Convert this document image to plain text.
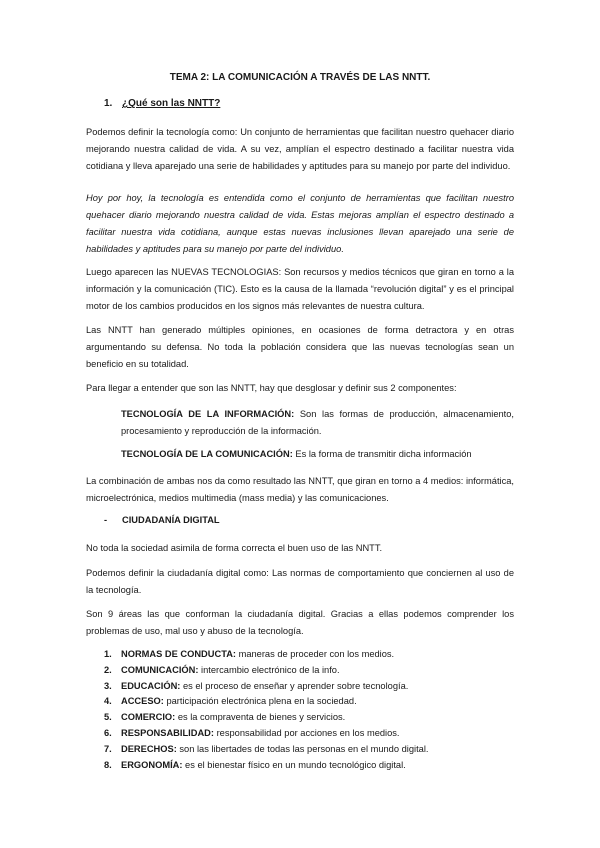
TEMA 2: LA COMUNICACIÓN A TRAVÉS DE LAS NNTT.
1. ¿Qué son las NNTT?

Podemos definir la tecnología como: Un conjunto de herramientas que facilitan nuestro quehacer diario mejorando nuestra calidad de vida. A su vez, amplían el espectro destinado a facilitar nuestra vida cotidiana y lleva aparejado una serie de habilidades y aptitudes para su manejo por parte del individuo.

Hoy por hoy, la tecnología es entendida como el conjunto de herramientas que facilitan nuestro quehacer diario mejorando nuestra calidad de vida. Estas mejoras amplían el espectro destinado a facilitar nuestra vida cotidiana, aunque estas nuevas inclusiones llevan aparejado una serie de habilidades y aptitudes para su manejo por parte del individuo.

Luego aparecen las NUEVAS TECNOLOGIAS: Son recursos y medios técnicos que giran en torno a la información y la comunicación (TIC). Esto es la causa de la llamada “revolución digital” y es el principal motor de los cambios producidos en los signos más relevantes de nuestra cultura.

Las NNTT han generado múltiples opiniones, en ocasiones de forma detractora y en otras argumentando su defensa. No toda la población considera que las nuevas tecnologías sean un beneficio en su totalidad.

Para llegar a entender que son las NNTT, hay que desglosar y definir sus 2 componentes:

TECNOLOGÍA DE LA INFORMACIÓN: Son las formas de producción, almacenamiento, procesamiento y reproducción de la información.

TECNOLOGÍA DE LA COMUNICACIÓN: Es la forma de transmitir dicha información

La combinación de ambas nos da como resultado las NNTT, que giran en torno a 4 medios: informática, microelectrónica, medios multimedia (mass media) y las comunicaciones.

- CIUDADANÍA DIGITAL

No toda la sociedad asimila de forma correcta el buen uso de las NNTT.

Podemos definir la ciudadanía digital como: Las normas de comportamiento que conciernen al uso de la tecnología.

Son 9 áreas las que conforman la ciudadanía digital. Gracias a ellas podemos comprender los problemas de uso, mal uso y abuso de la tecnología.

1. NORMAS DE CONDUCTA: maneras de proceder con los medios.
2. COMUNICACIÓN: intercambio electrónico de la info.
3. EDUCACIÓN: es el proceso de enseñar y aprender sobre tecnología.
4. ACCESO: participación electrónica plena en la sociedad.
5. COMERCIO: es la compraventa de bienes y servicios.
6. RESPONSABILIDAD: responsabilidad por acciones en los medios.
7. DERECHOS: son las libertades de todas las personas en el mundo digital.
8. ERGONOMÍA: es el bienestar físico en un mundo tecnológico digital.
